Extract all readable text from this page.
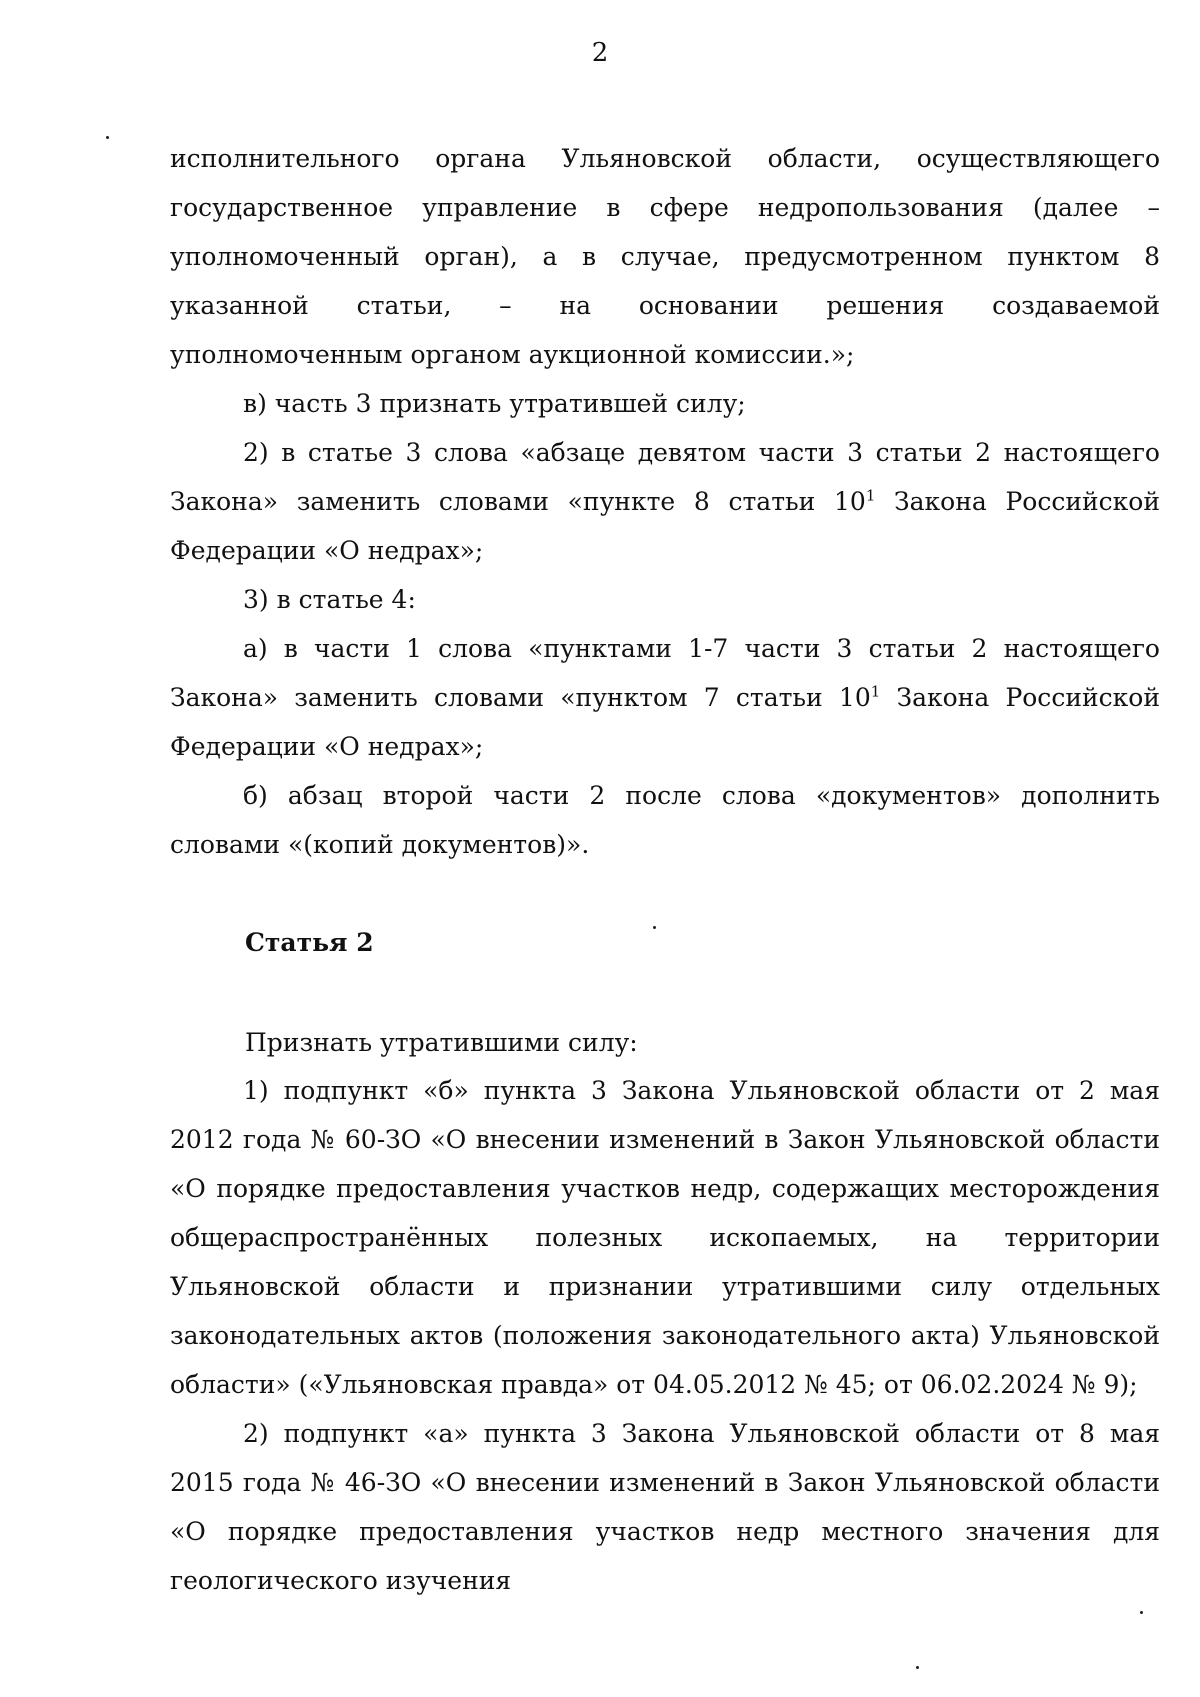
2

исполнительного органа Ульяновской области, осуществляющего государственное управление в сфере недропользования (далее – уполномоченный орган), а в случае, предусмотренном пунктом 8 указанной статьи, – на основании решения создаваемой уполномоченным органом аукционной комиссии.»;

в) часть 3 признать утратившей силу;

2) в статье 3 слова «абзаце девятом части 3 статьи 2 настоящего Закона» заменить словами «пункте 8 статьи $10^1$ Закона Российской Федерации «О недрах»;

3) в статье 4:

а) в части 1 слова «пунктами 1-7 части 3 статьи 2 настоящего Закона» заменить словами «пунктом 7 статьи $10^1$ Закона Российской Федерации «О недрах»;

б) абзац второй части 2 после слова «документов» дополнить словами «(копий документов)».

Статья 2
Признать утратившими силу:

1) подпункт «б» пункта 3 Закона Ульяновской области от 2 мая 2012 года № 60-ЗО «О внесении изменений в Закон Ульяновской области «О порядке предоставления участков недр, содержащих месторождения общераспространённых полезных ископаемых, на территории Ульяновской области и признании утратившими силу отдельных законодательных актов (положения законодательного акта) Ульяновской области» («Ульяновская правда» от 04.05.2012 № 45; от 06.02.2024 № 9);

2) подпункт «а» пункта 3 Закона Ульяновской области от 8 мая 2015 года № 46-ЗО «О внесении изменений в Закон Ульяновской области «О порядке предоставления участков недр местного значения для геологического изучения
